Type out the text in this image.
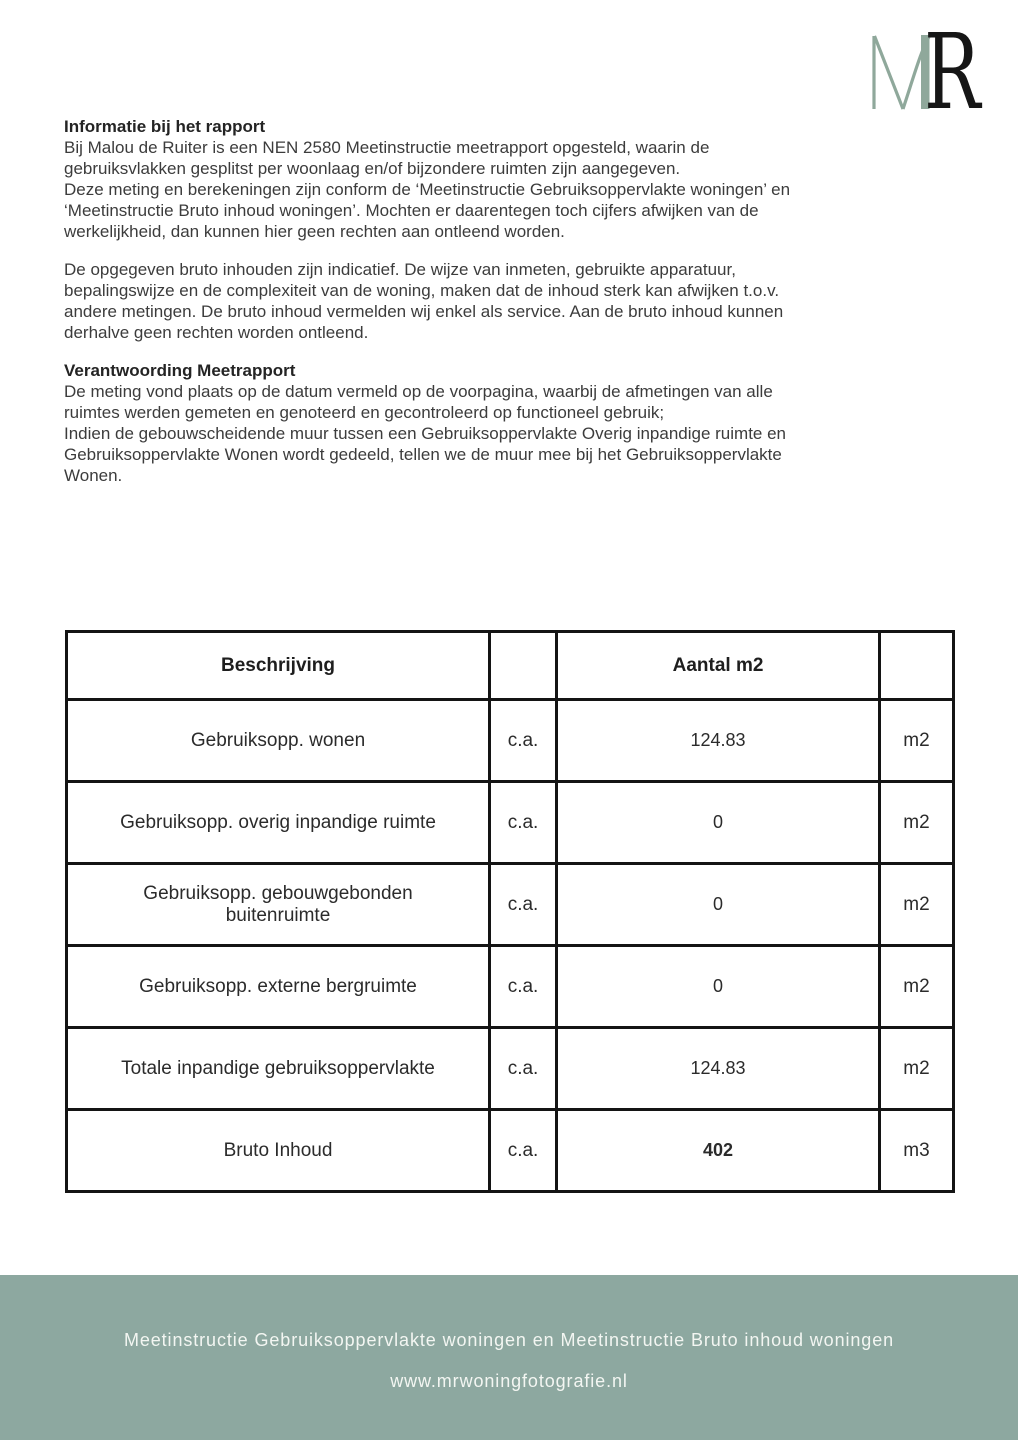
R
Informatie bij het rapport
Bij Malou de Ruiter is een NEN 2580 Meetinstructie meetrapport opgesteld, waarin de
gebruiksvlakken gesplitst per woonlaag en/of bijzondere ruimten zijn aangegeven.
Deze meting en berekeningen zijn conform de ‘Meetinstructie Gebruiksoppervlakte woningen’ en
‘Meetinstructie Bruto inhoud woningen’. Mochten er daarentegen toch cijfers afwijken van de
werkelijkheid, dan kunnen hier geen rechten aan ontleend worden.
De opgegeven bruto inhouden zijn indicatief. De wijze van inmeten, gebruikte apparatuur,
bepalingswijze en de complexiteit van de woning, maken dat de inhoud sterk kan afwijken t.o.v.
andere metingen. De bruto inhoud vermelden wij enkel als service. Aan de bruto inhoud kunnen
derhalve geen rechten worden ontleend.
Verantwoording Meetrapport
De meting vond plaats op de datum vermeld op de voorpagina, waarbij de afmetingen van alle
ruimtes werden gemeten en genoteerd en gecontroleerd op functioneel gebruik;
Indien de gebouwscheidende muur tussen een Gebruiksoppervlakte Overig inpandige ruimte en
Gebruiksoppervlakte Wonen wordt gedeeld, tellen we de muur mee bij het Gebruiksoppervlakte
Wonen.
Beschrijving		Aantal m2	
Gebruiksopp. wonen	c.a.	124.83	m2
Gebruiksopp. overig inpandige ruimte	c.a.	0	m2
Gebruiksopp. gebouwgebonden
buitenruimte	c.a.	0	m2
Gebruiksopp. externe bergruimte	c.a.	0	m2
Totale inpandige gebruiksoppervlakte	c.a.	124.83	m2
Bruto Inhoud	c.a.	402	m3
Meetinstructie Gebruiksoppervlakte woningen en Meetinstructie Bruto inhoud woningen
www.mrwoningfotografie.nl
